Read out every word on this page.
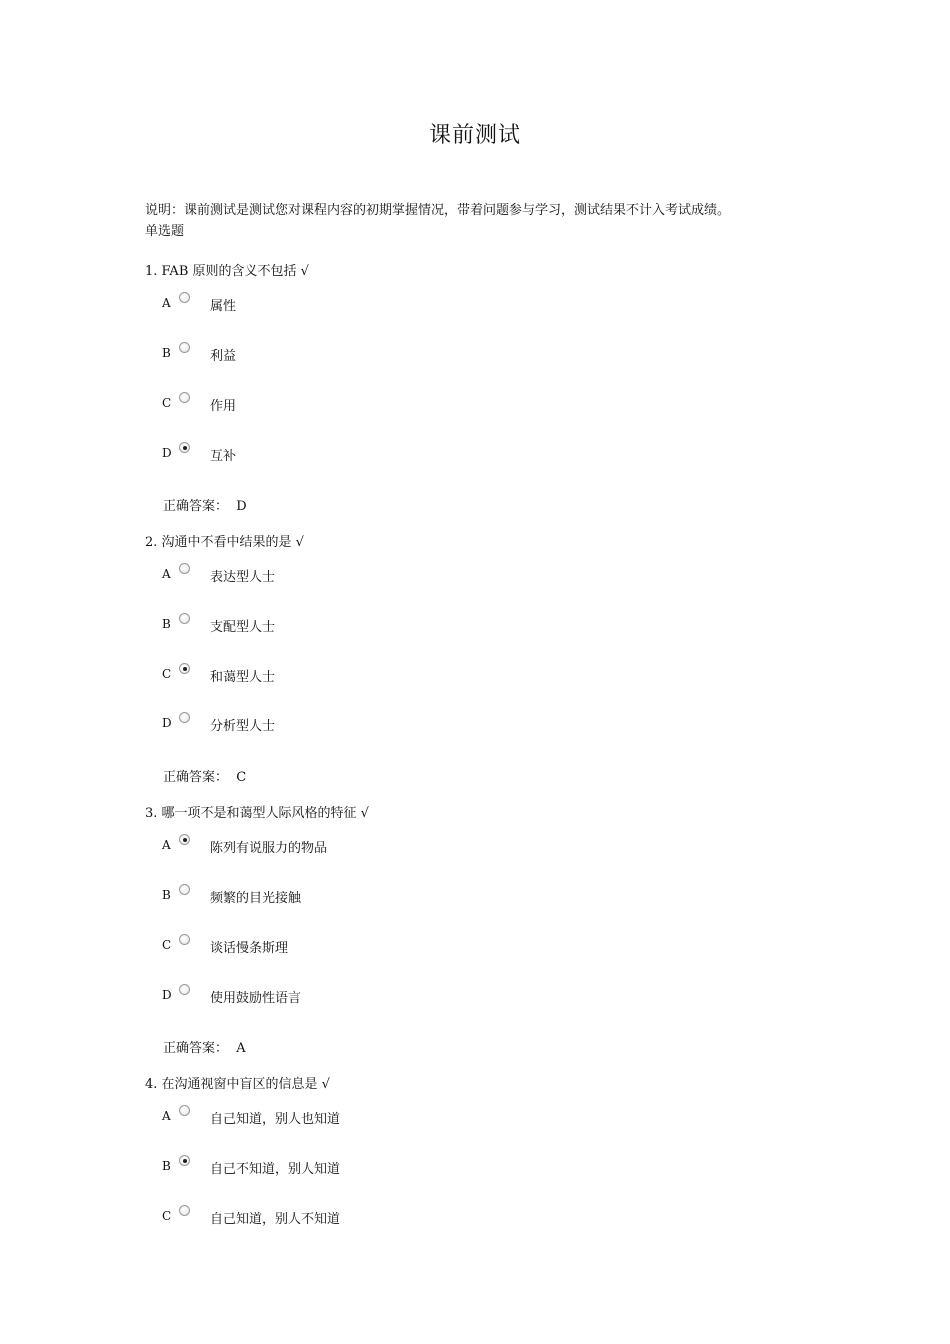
课前测试
说明：课前测试是测试您对课程内容的初期掌握情况，带着问题参与学习，测试结果不计入考试成绩。
单选题
1. FAB 原则的含义不包括 √
A	属性
B	利益
C	作用
D	互补
正确答案： D
2. 沟通中不看中结果的是 √
A	表达型人士
B	支配型人士
C	和蔼型人士
D	分析型人士
正确答案： C
3. 哪一项不是和蔼型人际风格的特征 √
A	陈列有说服力的物品
B	频繁的目光接触
C	谈话慢条斯理
D	使用鼓励性语言
正确答案： A
4. 在沟通视窗中盲区的信息是 √
A	自己知道，别人也知道
B	自己不知道，别人知道
C	自己知道，别人不知道
